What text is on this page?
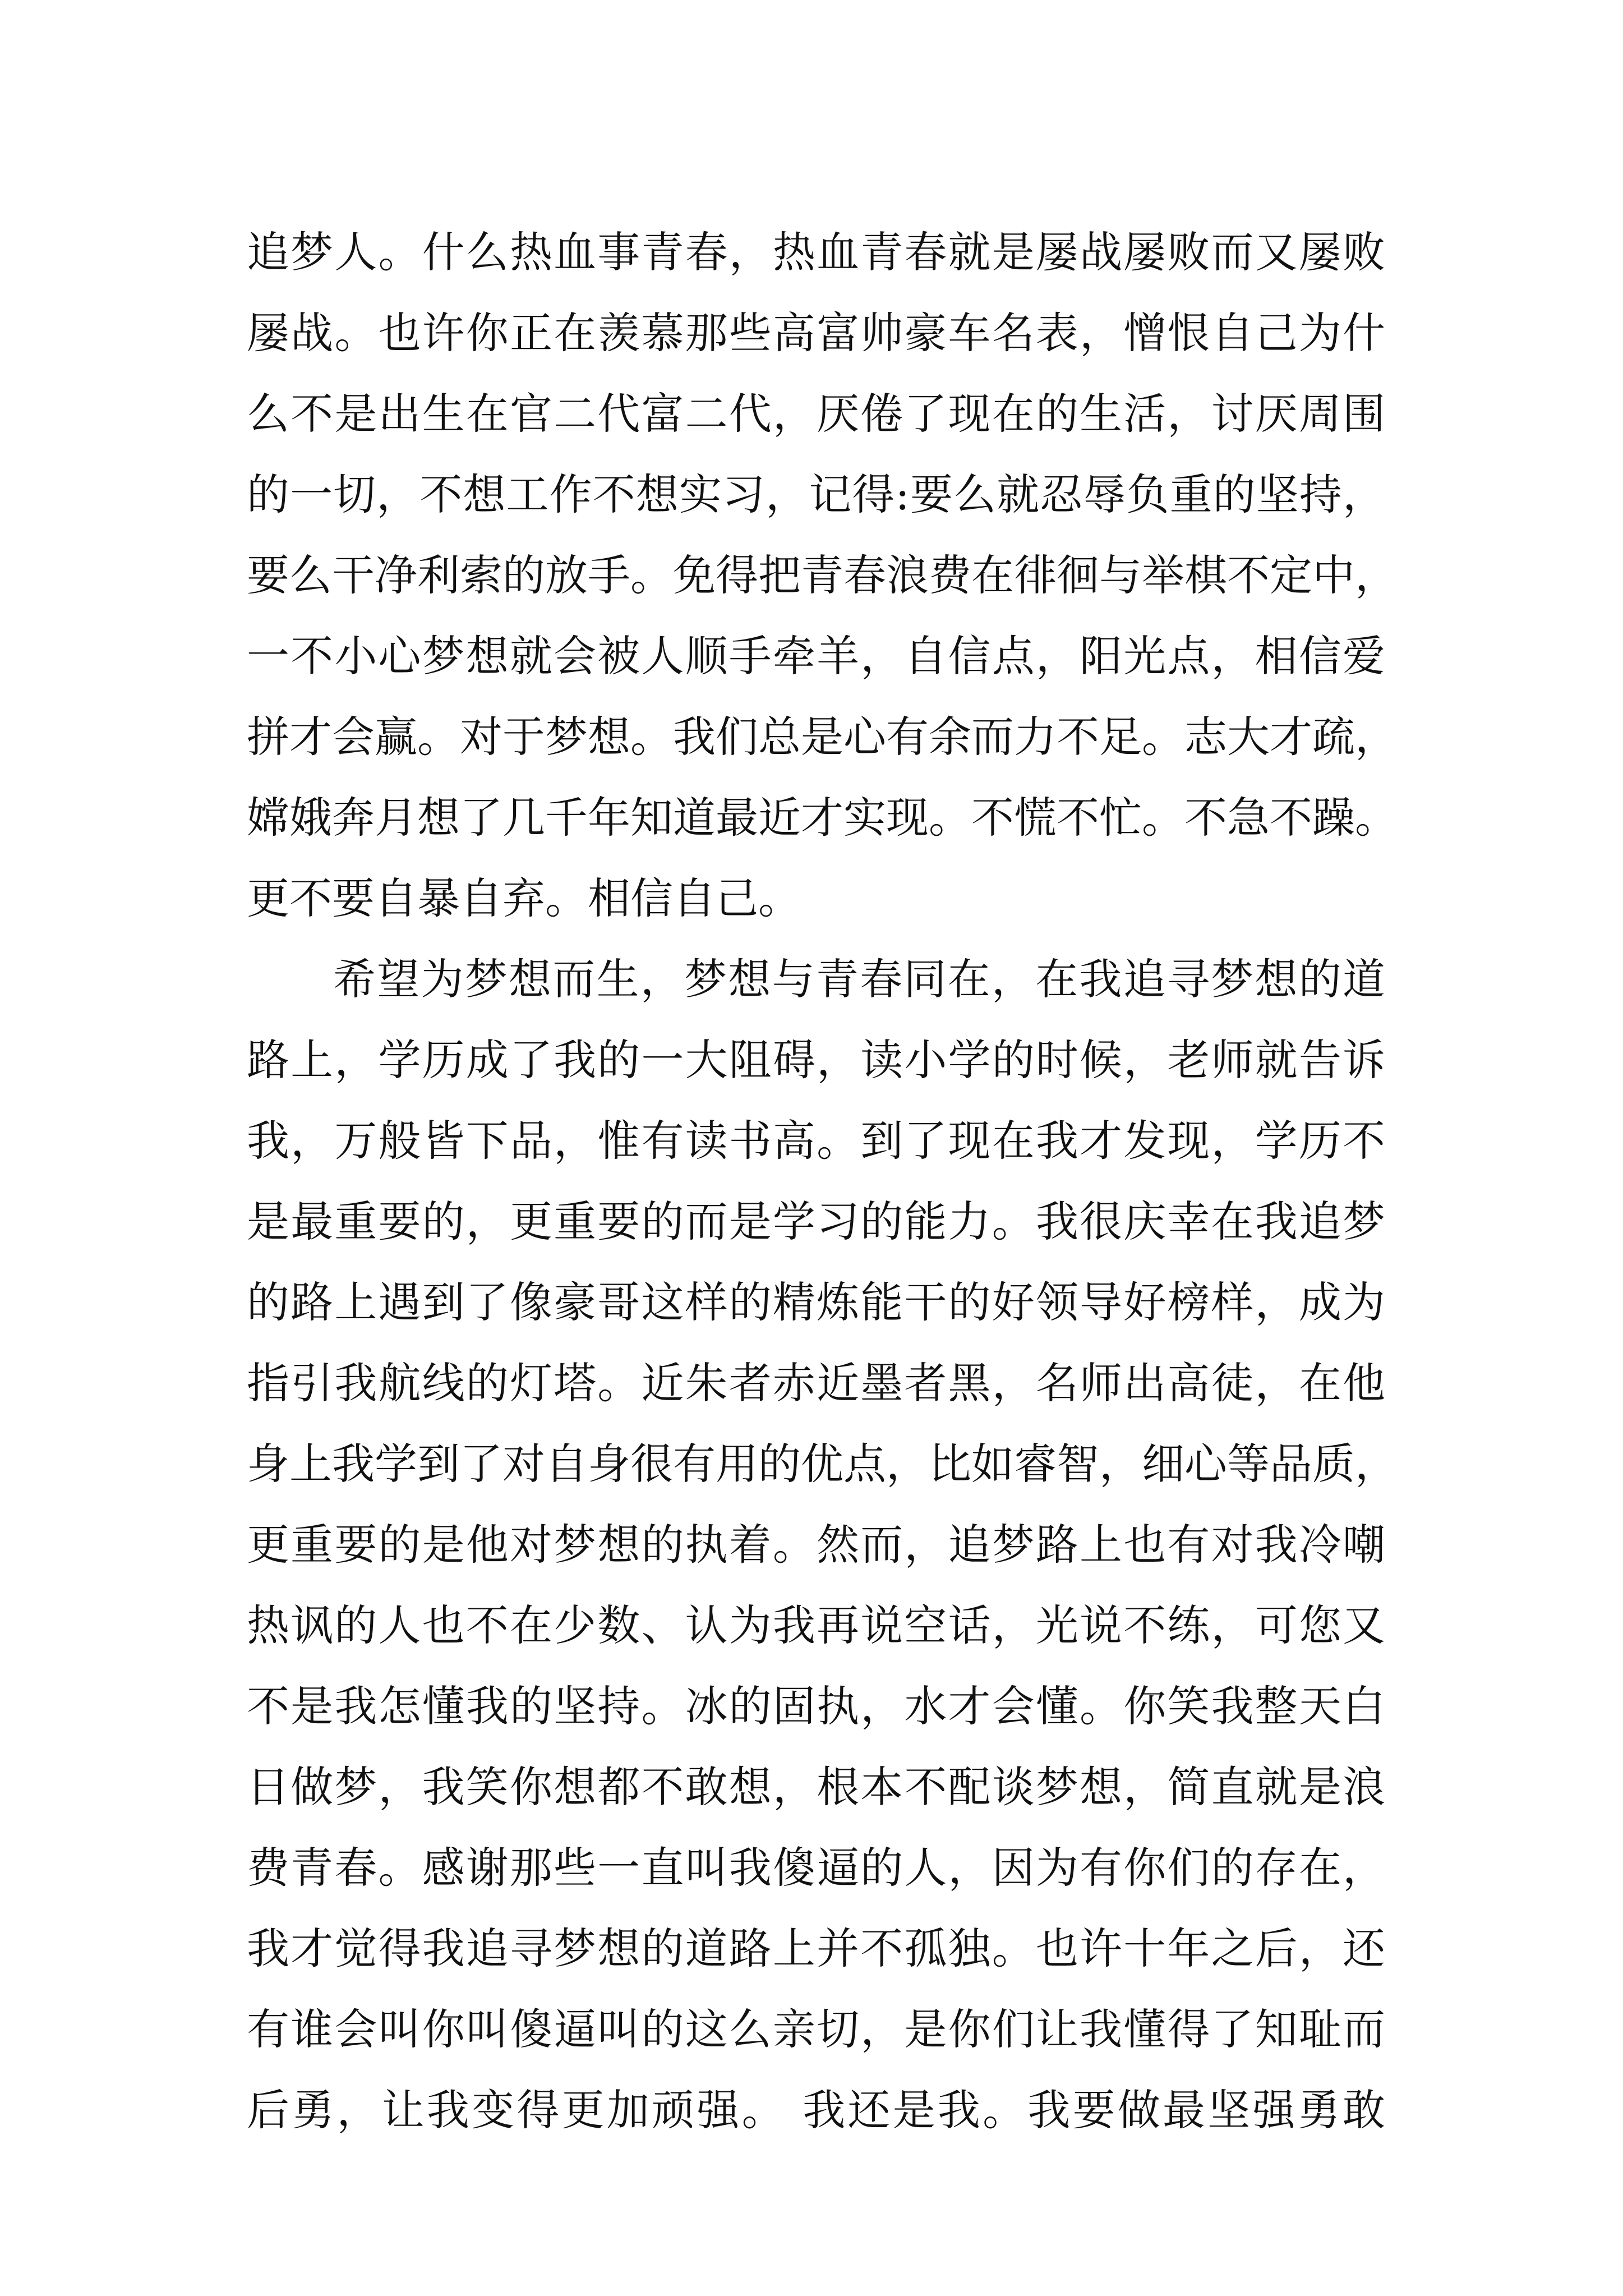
追梦人。什么热血事青春，热血青春就是屡战屡败而又屡败
屡战。也许你正在羡慕那些高富帅豪车名表，憎恨自己为什
么不是出生在官二代富二代，厌倦了现在的生活，讨厌周围
的一切，不想工作不想实习，记得:要么就忍辱负重的坚持，
要么干净利索的放手。免得把青春浪费在徘徊与举棋不定中，
一不小心梦想就会被人顺手牵羊，自信点，阳光点，相信爱
拼才会赢。对于梦想。我们总是心有余而力不足。志大才疏，
嫦娥奔月想了几千年知道最近才实现。不慌不忙。不急不躁。
更不要自暴自弃。相信自己。
希望为梦想而生，梦想与青春同在，在我追寻梦想的道
路上，学历成了我的一大阻碍，读小学的时候，老师就告诉
我，万般皆下品，惟有读书高。到了现在我才发现，学历不
是最重要的，更重要的而是学习的能力。我很庆幸在我追梦
的路上遇到了像豪哥这样的精炼能干的好领导好榜样，成为
指引我航线的灯塔。近朱者赤近墨者黑，名师出高徒，在他
身上我学到了对自身很有用的优点，比如睿智，细心等品质，
更重要的是他对梦想的执着。然而，追梦路上也有对我冷嘲
热讽的人也不在少数、认为我再说空话，光说不练，可您又
不是我怎懂我的坚持。冰的固执，水才会懂。你笑我整天白
日做梦，我笑你想都不敢想，根本不配谈梦想，简直就是浪
费青春。感谢那些一直叫我傻逼的人，因为有你们的存在，
我才觉得我追寻梦想的道路上并不孤独。也许十年之后，还
有谁会叫你叫傻逼叫的这么亲切，是你们让我懂得了知耻而
后勇，让我变得更加顽强。 我还是我。我要做最坚强勇敢
